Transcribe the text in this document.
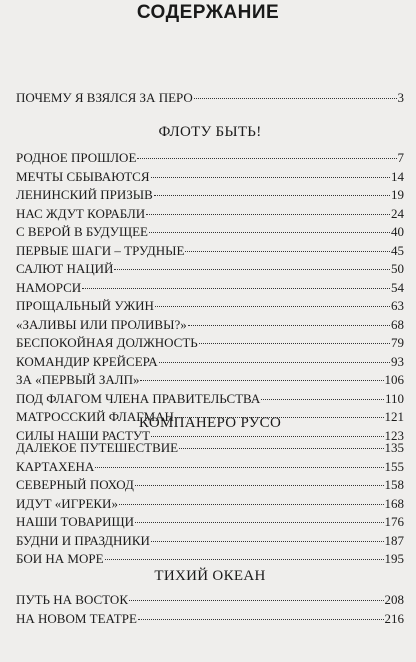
СОДЕРЖАНИЕ
ПОЧЕМУ Я ВЗЯЛСЯ ЗА ПЕРО	3
ФЛОТУ БЫТЬ!
РОДНОЕ ПРОШЛОЕ	7
МЕЧТЫ СБЫВАЮТСЯ	14
ЛЕНИНСКИЙ ПРИЗЫВ	19
НАС ЖДУТ КОРАБЛИ	24
С ВЕРОЙ В БУДУЩЕЕ	40
ПЕРВЫЕ ШАГИ – ТРУДНЫЕ	45
САЛЮТ НАЦИЙ	50
НАМОРСИ	54
ПРОЩАЛЬНЫЙ УЖИН	63
«ЗАЛИВЫ ИЛИ ПРОЛИВЫ?»	68
БЕСПОКОЙНАЯ ДОЛЖНОСТЬ	79
КОМАНДИР КРЕЙСЕРА	93
ЗА «ПЕРВЫЙ ЗАЛП»	106
ПОД ФЛАГОМ ЧЛЕНА ПРАВИТЕЛЬСТВА	110
МАТРОССКИЙ ФЛАГМАН	121
СИЛЫ НАШИ РАСТУТ	123
КОМПАНЕРО РУСО
ДАЛЕКОЕ ПУТЕШЕСТВИЕ	135
КАРТАХЕНА	155
СЕВЕРНЫЙ ПОХОД	158
ИДУТ «ИГРЕКИ»	168
НАШИ ТОВАРИЩИ	176
БУДНИ И ПРАЗДНИКИ	187
БОИ НА МОРЕ	195
ТИХИЙ ОКЕАН
ПУТЬ НА ВОСТОК	208
НА НОВОМ ТЕАТРЕ	216
